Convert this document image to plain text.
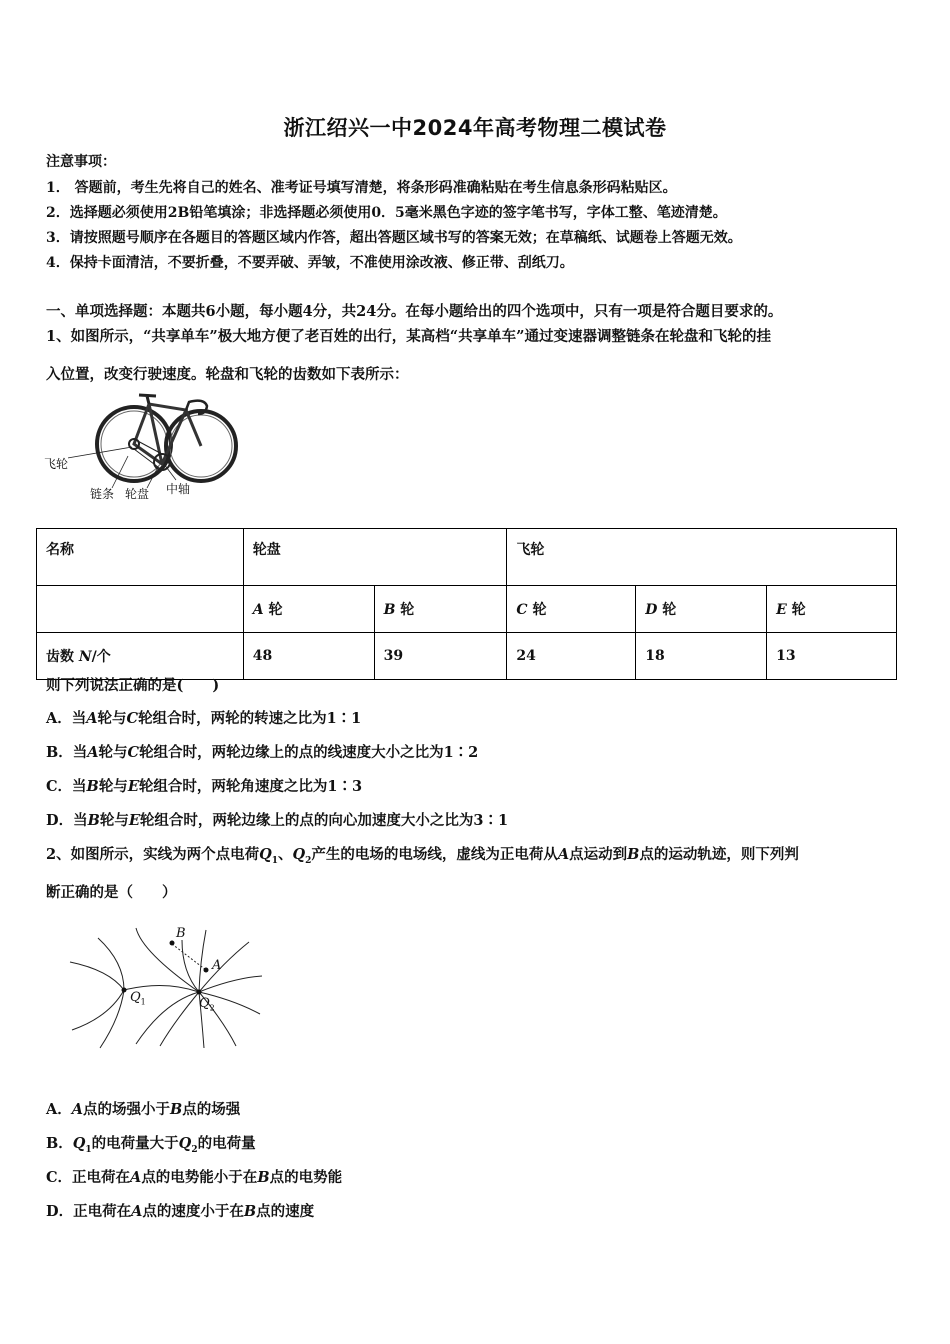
浙江绍兴一中2024年高考物理二模试卷
注意事项：
1． 答题前，考生先将自己的姓名、准考证号填写清楚，将条形码准确粘贴在考生信息条形码粘贴区。
2．选择题必须使用2B铅笔填涂；非选择题必须使用0．5毫米黑色字迹的签字笔书写，字体工整、笔迹清楚。
3．请按照题号顺序在各题目的答题区域内作答，超出答题区域书写的答案无效；在草稿纸、试题卷上答题无效。
4．保持卡面清洁，不要折叠，不要弄破、弄皱，不准使用涂改液、修正带、刮纸刀。
一、单项选择题：本题共6小题，每小题4分，共24分。在每小题给出的四个选项中，只有一项是符合题目要求的。
1、如图所示，“共享单车”极大地方便了老百姓的出行，某高档“共享单车”通过变速器调整链条在轮盘和飞轮的挂
入位置，改变行驶速度。轮盘和飞轮的齿数如下表所示：
飞轮
链条 轮盘 中轴
名称	轮盘		飞轮		
	A 轮	B 轮	C 轮	D 轮	E 轮
齿数 N/个	48	39	24	18	13
则下列说法正确的是(　　)
A．当A轮与C轮组合时，两轮的转速之比为1∶1
B．当A轮与C轮组合时，两轮边缘上的点的线速度大小之比为1∶2
C．当B轮与E轮组合时，两轮角速度之比为1∶3
D．当B轮与E轮组合时，两轮边缘上的点的向心加速度大小之比为3∶1
2、如图所示，实线为两个点电荷$Q_1$、$Q_2$产生的电场的电场线，虚线为正电荷从A点运动到B点的运动轨迹，则下列判
断正确的是（　　）
B
A
$Q_1$	$Q_2$
A．A点的场强小于B点的场强
B．$Q_1$的电荷量大于$Q_2$的电荷量
C．正电荷在A点的电势能小于在B点的电势能
D．正电荷在A点的速度小于在B点的速度
